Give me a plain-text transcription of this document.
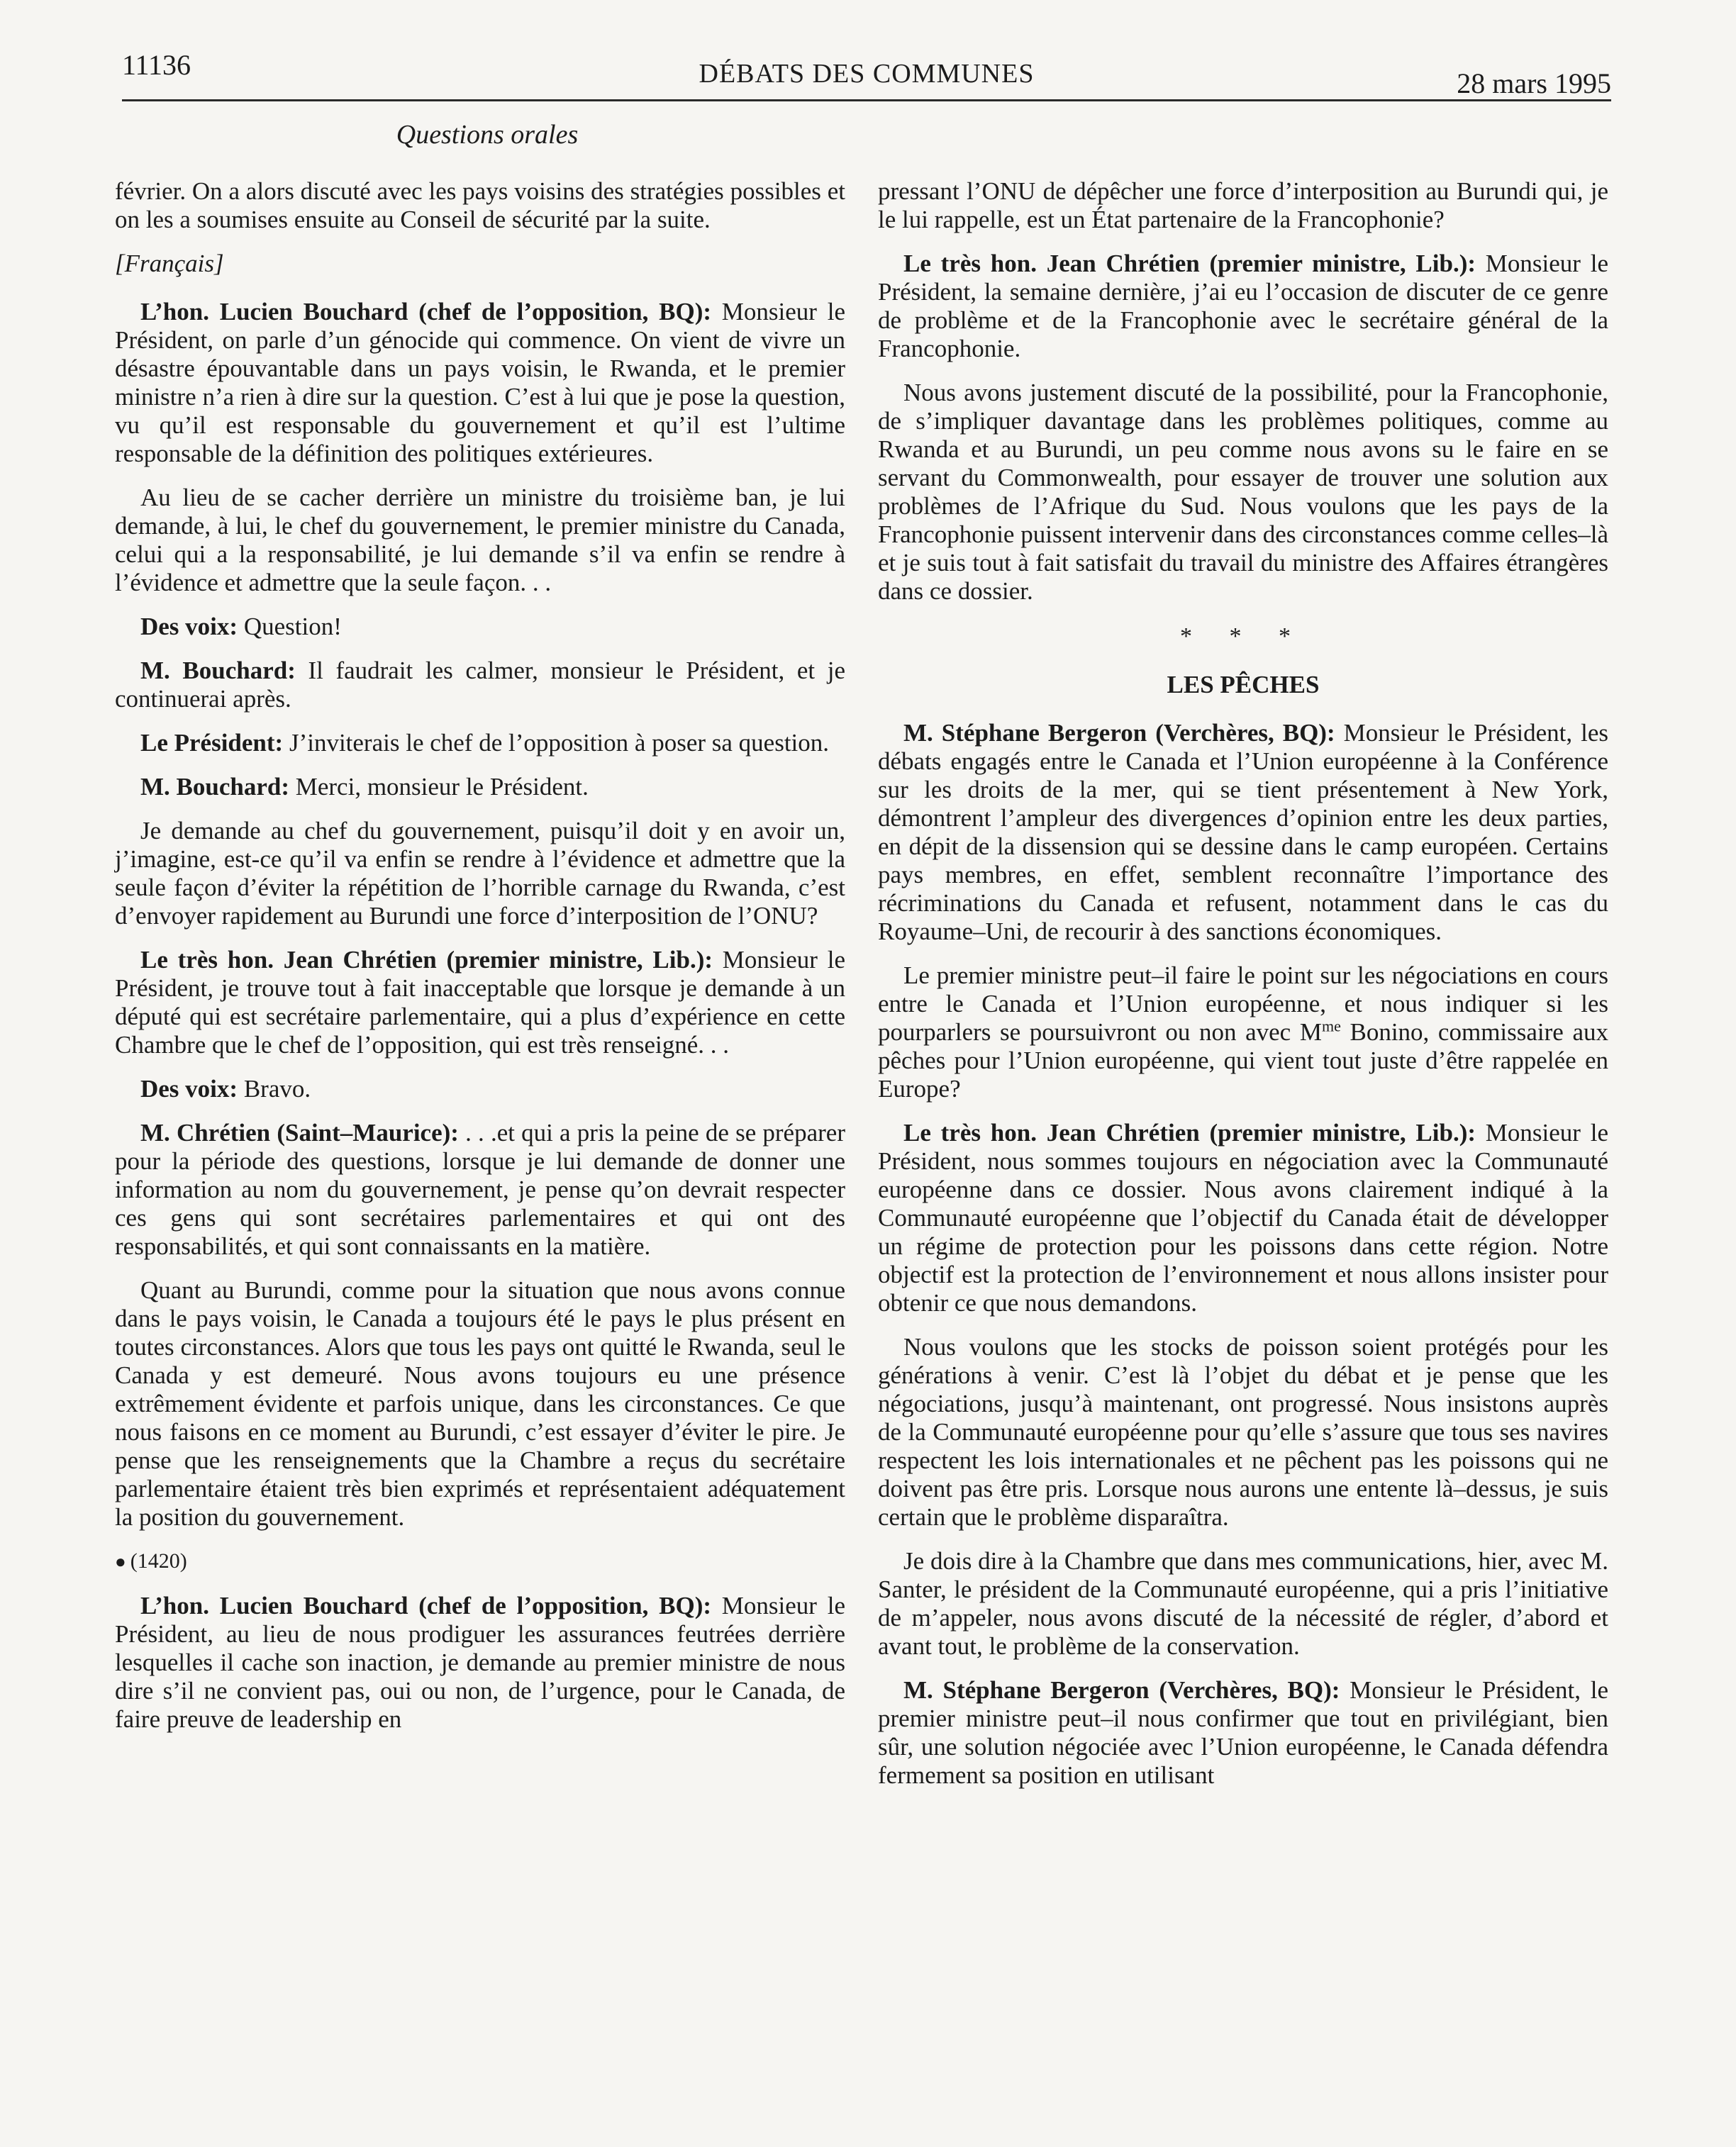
11136	DÉBATS DES COMMUNES	28 mars 1995
Questions orales

février. On a alors discuté avec les pays voisins des stratégies possibles et on les a soumises ensuite au Conseil de sécurité par la suite.

[Français]

L’hon. Lucien Bouchard (chef de l’opposition, BQ): Monsieur le Président, on parle d’un génocide qui commence. On vient de vivre un désastre épouvantable dans un pays voisin, le Rwanda, et le premier ministre n’a rien à dire sur la question. C’est à lui que je pose la question, vu qu’il est responsable du gouvernement et qu’il est l’ultime responsable de la définition des politiques extérieures.

Au lieu de se cacher derrière un ministre du troisième ban, je lui demande, à lui, le chef du gouvernement, le premier ministre du Canada, celui qui a la responsabilité, je lui demande s’il va enfin se rendre à l’évidence et admettre que la seule façon. . .

Des voix: Question!

M. Bouchard: Il faudrait les calmer, monsieur le Président, et je continuerai après.

Le Président: J’inviterais le chef de l’opposition à poser sa question.

M. Bouchard: Merci, monsieur le Président.

Je demande au chef du gouvernement, puisqu’il doit y en avoir un, j’imagine, est-ce qu’il va enfin se rendre à l’évidence et admettre que la seule façon d’éviter la répétition de l’horrible carnage du Rwanda, c’est d’envoyer rapidement au Burundi une force d’interposition de l’ONU?

Le très hon. Jean Chrétien (premier ministre, Lib.): Monsieur le Président, je trouve tout à fait inacceptable que lorsque je demande à un député qui est secrétaire parlementaire, qui a plus d’expérience en cette Chambre que le chef de l’opposition, qui est très renseigné. . .

Des voix: Bravo.

M. Chrétien (Saint–Maurice): . . .et qui a pris la peine de se préparer pour la période des questions, lorsque je lui demande de donner une information au nom du gouvernement, je pense qu’on devrait respecter ces gens qui sont secrétaires parlementaires et qui ont des responsabilités, et qui sont connaissants en la matière.

Quant au Burundi, comme pour la situation que nous avons connue dans le pays voisin, le Canada a toujours été le pays le plus présent en toutes circonstances. Alors que tous les pays ont quitté le Rwanda, seul le Canada y est demeuré. Nous avons toujours eu une présence extrêmement évidente et parfois unique, dans les circonstances. Ce que nous faisons en ce moment au Burundi, c’est essayer d’éviter le pire. Je pense que les renseignements que la Chambre a reçus du secrétaire parlementaire étaient très bien exprimés et représentaient adéquatement la position du gouvernement.

● (1420)

L’hon. Lucien Bouchard (chef de l’opposition, BQ): Monsieur le Président, au lieu de nous prodiguer les assurances feutrées derrière lesquelles il cache son inaction, je demande au premier ministre de nous dire s’il ne convient pas, oui ou non, de l’urgence, pour le Canada, de faire preuve de leadership en

pressant l’ONU de dépêcher une force d’interposition au Burundi qui, je le lui rappelle, est un État partenaire de la Francophonie?

Le très hon. Jean Chrétien (premier ministre, Lib.): Monsieur le Président, la semaine dernière, j’ai eu l’occasion de discuter de ce genre de problème et de la Francophonie avec le secrétaire général de la Francophonie.

Nous avons justement discuté de la possibilité, pour la Francophonie, de s’impliquer davantage dans les problèmes politiques, comme au Rwanda et au Burundi, un peu comme nous avons su le faire en se servant du Commonwealth, pour essayer de trouver une solution aux problèmes de l’Afrique du Sud. Nous voulons que les pays de la Francophonie puissent intervenir dans des circonstances comme celles–là et je suis tout à fait satisfait du travail du ministre des Affaires étrangères dans ce dossier.

* * *
LES PÊCHES

M. Stéphane Bergeron (Verchères, BQ): Monsieur le Président, les débats engagés entre le Canada et l’Union européenne à la Conférence sur les droits de la mer, qui se tient présentement à New York, démontrent l’ampleur des divergences d’opinion entre les deux parties, en dépit de la dissension qui se dessine dans le camp européen. Certains pays membres, en effet, semblent reconnaître l’importance des récriminations du Canada et refusent, notamment dans le cas du Royaume–Uni, de recourir à des sanctions économiques.

Le premier ministre peut–il faire le point sur les négociations en cours entre le Canada et l’Union européenne, et nous indiquer si les pourparlers se poursuivront ou non avec $M^{me}$ Bonino, commissaire aux pêches pour l’Union européenne, qui vient tout juste d’être rappelée en Europe?

Le très hon. Jean Chrétien (premier ministre, Lib.): Monsieur le Président, nous sommes toujours en négociation avec la Communauté européenne dans ce dossier. Nous avons clairement indiqué à la Communauté européenne que l’objectif du Canada était de développer un régime de protection pour les poissons dans cette région. Notre objectif est la protection de l’environnement et nous allons insister pour obtenir ce que nous demandons.

Nous voulons que les stocks de poisson soient protégés pour les générations à venir. C’est là l’objet du débat et je pense que les négociations, jusqu’à maintenant, ont progressé. Nous insistons auprès de la Communauté européenne pour qu’elle s’assure que tous ses navires respectent les lois internationales et ne pêchent pas les poissons qui ne doivent pas être pris. Lorsque nous aurons une entente là–dessus, je suis certain que le problème disparaîtra.

Je dois dire à la Chambre que dans mes communications, hier, avec M. Santer, le président de la Communauté européenne, qui a pris l’initiative de m’appeler, nous avons discuté de la nécessité de régler, d’abord et avant tout, le problème de la conservation.

M. Stéphane Bergeron (Verchères, BQ): Monsieur le Président, le premier ministre peut–il nous confirmer que tout en privilégiant, bien sûr, une solution négociée avec l’Union européenne, le Canada défendra fermement sa position en utilisant
